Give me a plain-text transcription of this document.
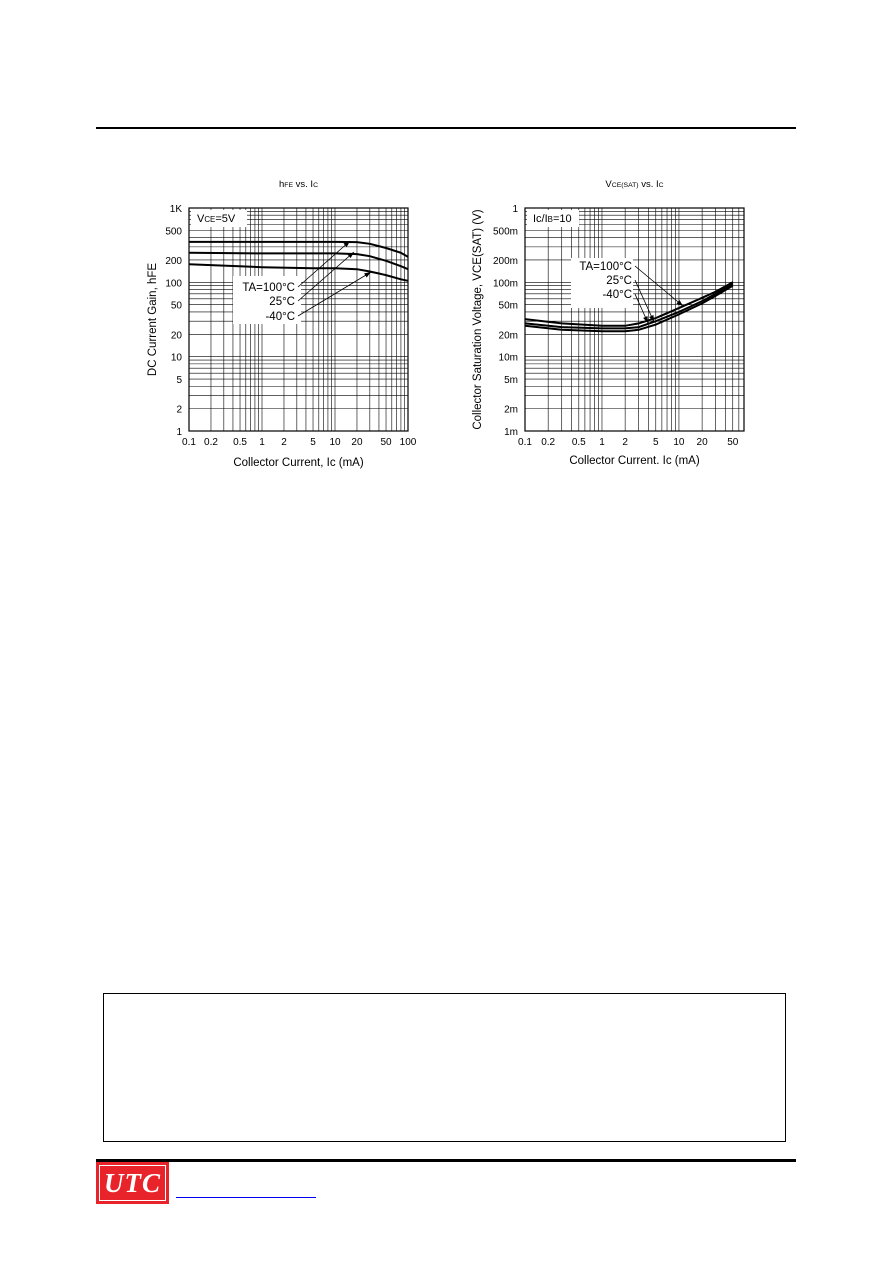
TA=100°C
25°C
-40°C
VCE=5V
0.1 0.2 0.5 1 2 5 10 20 50 100
1
2
5
10
20
50
100
200
500
1K
hFE vs. IC
Collector Current, Ic (mA)
DC Current Gain, hFE	TA=100°C
25°C
-40°C
Ic/IB=10
0.1 0.2 0.5 1 2	5 10 20 50
1m
2m
5m
10m
20m
50m
100m
200m
500m
1
VCE(SAT) vs. IC
Collector Current. Ic (mA)
Collector Saturation Voltage, VCE(SAT) (V)
UTC
